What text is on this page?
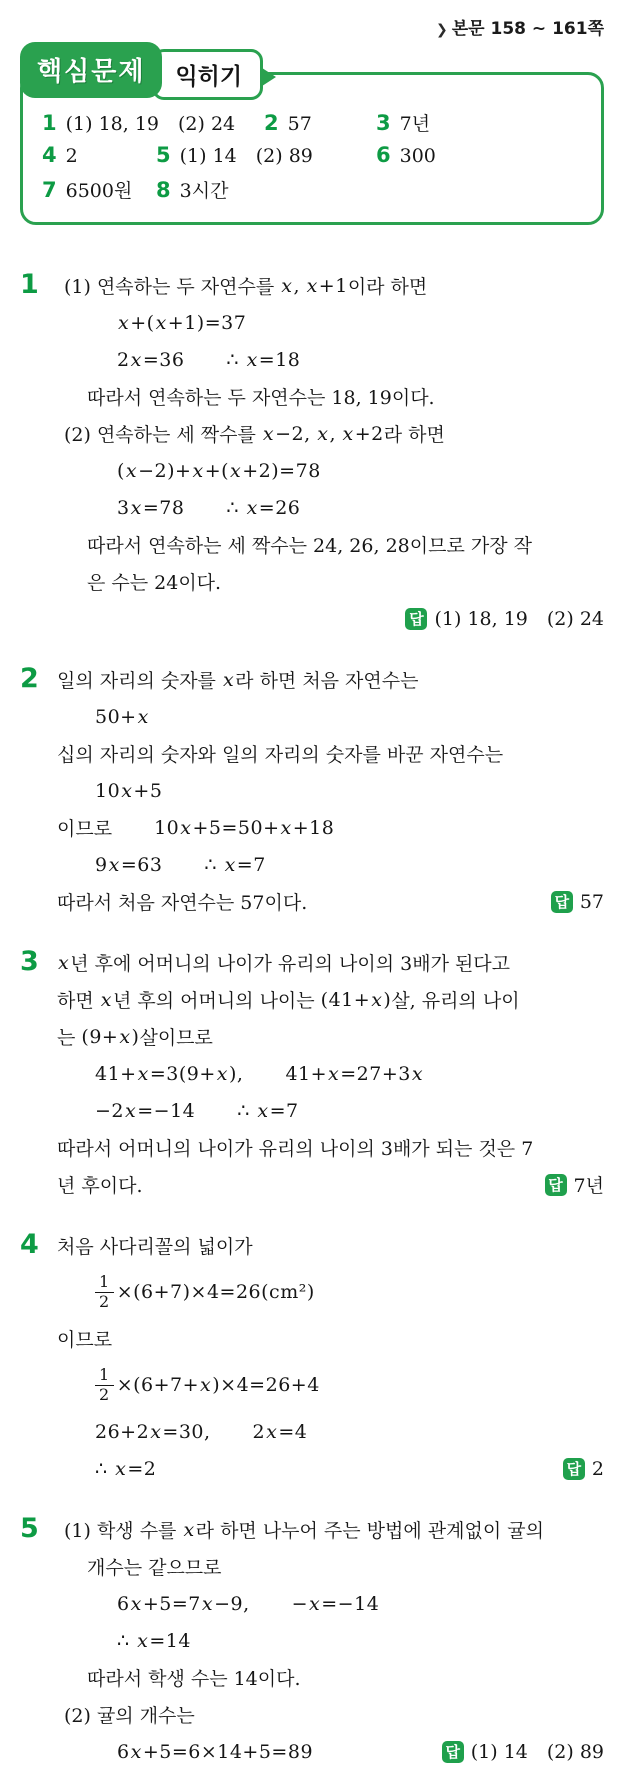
❯ 본문 158 ~ 161쪽
핵심문제	익히기
1 (1) 18, 19  (2) 24 2 57	3 7년
4 2	5 (1) 14  (2) 89	6 300
7 6500원 8 3시간
1	(1) 연속하는 두 자연수를 x , x+1 이라 하면
x+(x+1)=37
2x=36 ∴ x=18
따라서 연속하는 두 자연수는 18, 19이다.
(2) 연속하는 세 짝수를 x−2 , x , x+2 라 하면
(x−2)+x+(x+2)=78
3x=78 ∴ x=26
따라서 연속하는 세 짝수는 24, 26, 28이므로 가장 작
은 수는 24이다.
답 (1) 18, 19  (2) 24
2 일의 자리의 숫자를 x 라 하면 처음 자연수는
50+x
십의 자리의 숫자와 일의 자리의 숫자를 바꾼 자연수는
10x+5
이므로 10x+5=50+x+18
9x=63 ∴ x=7
따라서 처음 자연수는 57이다.	답 57
3	x 년 후에 어머니의 나이가 유리의 나이의 3배가 된다고
하면 x 년 후의 어머니의 나이는 (41+x) 살, 유리의 나이
는 (9+x) 살이므로
41+x=3(9+x), 41+x=27+3x
−2x=−14 ∴ x=7
따라서 어머니의 나이가 유리의 나이의 3배가 되는 것은 7
년 후이다.	답 7년
4 처음 사다리꼴의 넓이가
$\frac{1}{2} \times(6+7)\times 4=26(cm^2)$
이므로
$\frac{1}{2} \times(6+7+x)\times 4=26+4$
26+2x=30, 2x=4
∴ x=2	답 2
5	(1) 학생 수를 x 라 하면 나누어 주는 방법에 관계없이 귤의
개수는 같으므로
6x+5=7x−9, −x=−14
∴ x=14
따라서 학생 수는 14이다.
(2) 귤의 개수는
6x+5=6×14+5=89	답 (1) 14  (2) 89
